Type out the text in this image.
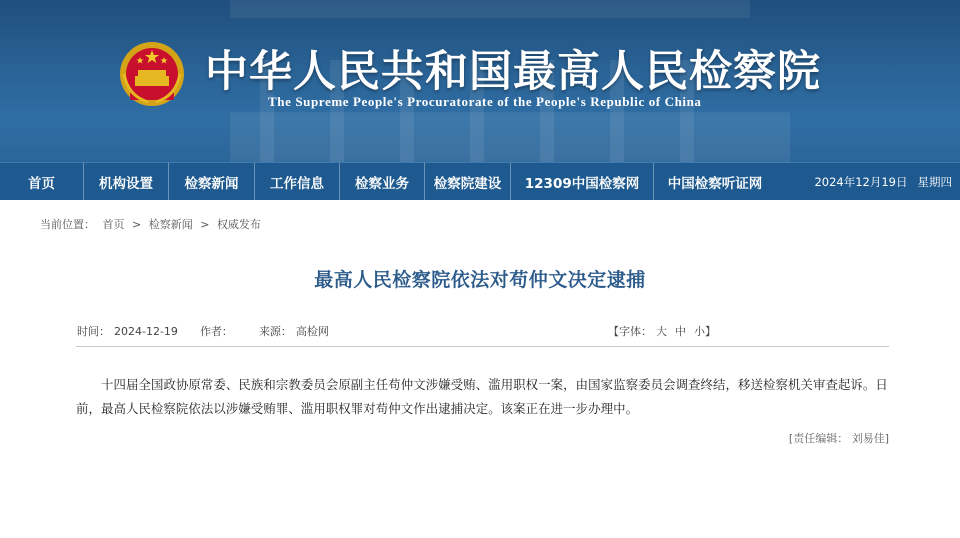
中华人民共和国最高人民检察院
The Supreme People's Procuratorate of the People's Republic of China
首页	机构设置 检察新闻 工作信息 检察业务 检察院建设 12309中国检察网 中国检察听证网	2024年12月19日 星期四
当前位置： 首页 > 检察新闻 > 权威发布
最高人民检察院依法对苟仲文决定逮捕
时间： 2024-12-19 作者： 来源： 高检网	【字体： 大 中 小】

十四届全国政协原常委、民族和宗教委员会原副主任苟仲文涉嫌受贿、滥用职权一案，由国家监察委员会调查终结，移送检察机关审查起诉。日前，最高人民检察院依法以涉嫌受贿罪、滥用职权罪对苟仲文作出逮捕决定。该案正在进一步办理中。

[责任编辑： 刘易佳]
